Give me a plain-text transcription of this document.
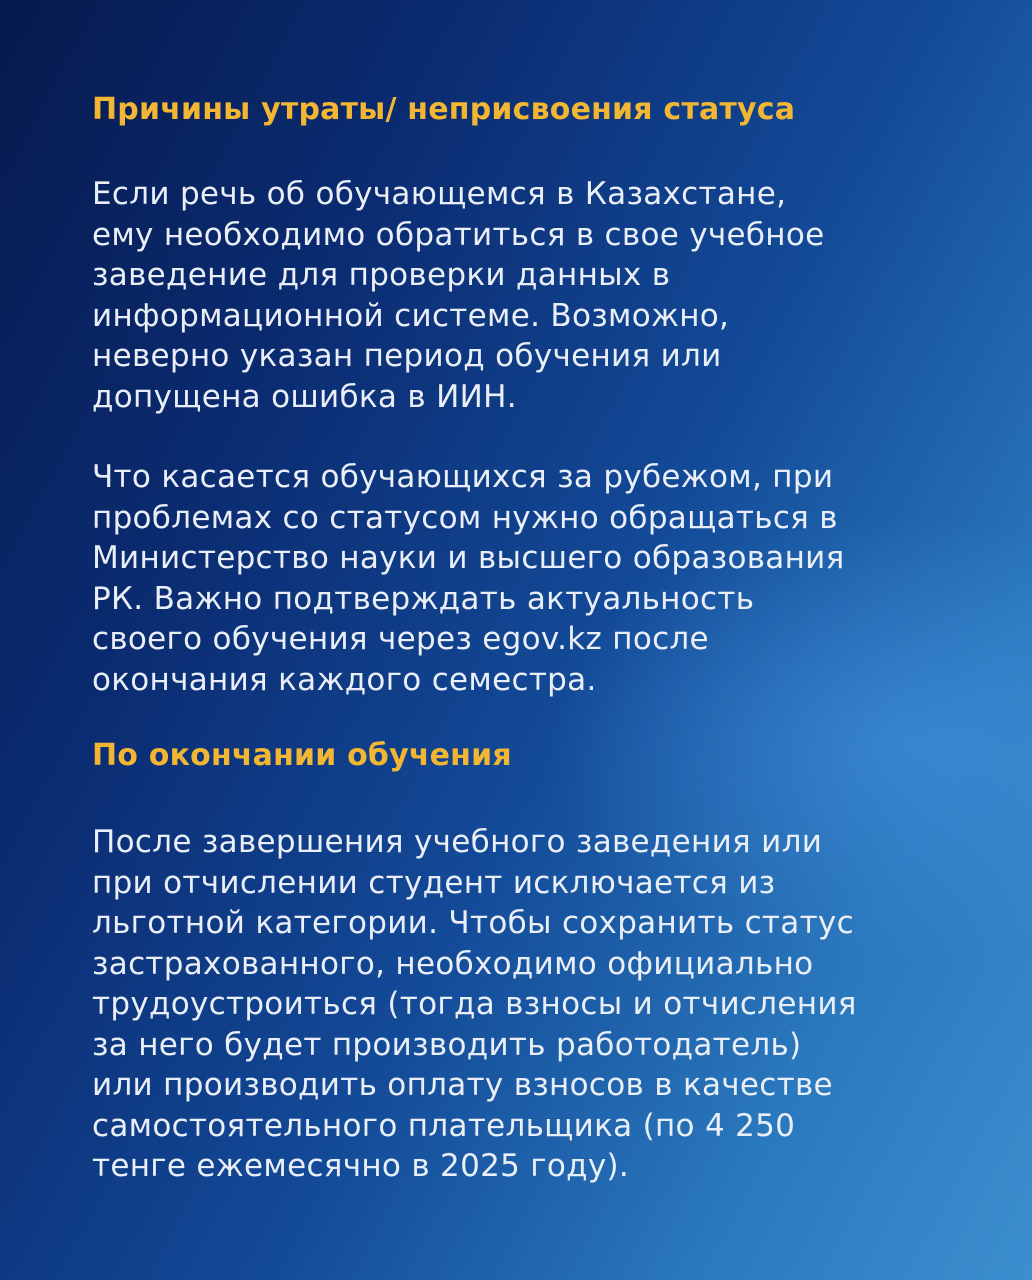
Причины утраты/ неприсвоения статуса

Если речь об обучающемся в Казахстане,
ему необходимо обратиться в свое учебное
заведение для проверки данных в
информационной системе. Возможно,
неверно указан период обучения или
допущена ошибка в ИИН.

Что касается обучающихся за рубежом, при
проблемах со статусом нужно обращаться в
Министерство науки и высшего образования
РК. Важно подтверждать актуальность
своего обучения через egov.kz после
окончания каждого семестра.

По окончании обучения

После завершения учебного заведения или
при отчислении студент исключается из
льготной категории. Чтобы сохранить статус
застрахованного, необходимо официально
трудоустроиться (тогда взносы и отчисления
за него будет производить работодатель)
или производить оплату взносов в качестве
самостоятельного плательщика (по 4 250
тенге ежемесячно в 2025 году).
